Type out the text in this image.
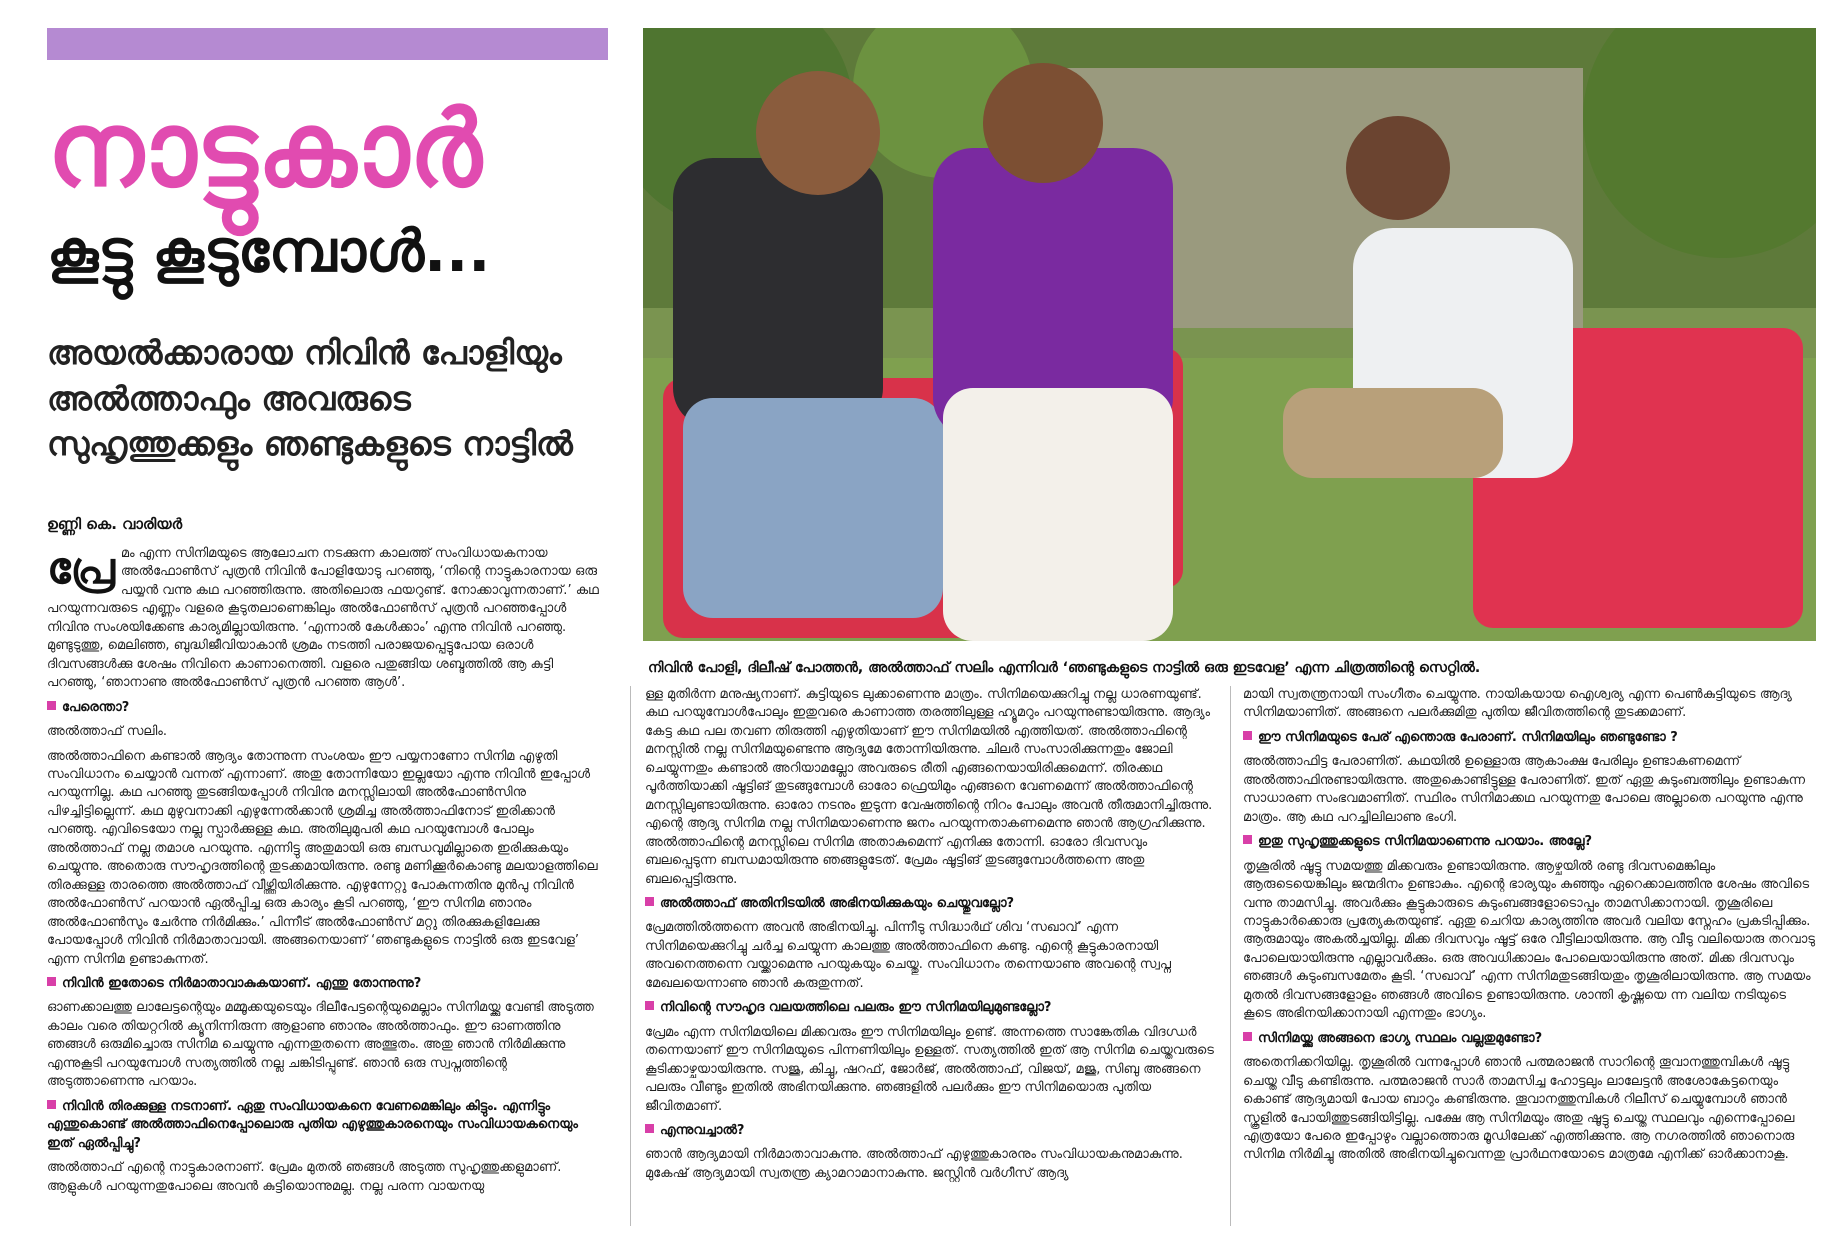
നാട്ടുകാർ
കൂട്ടു കൂടുമ്പോൾ...

അയൽക്കാരായ നിവിൻ പോളിയും അൽത്താഫും അവരുടെ സുഹൃത്തുക്കളും ഞണ്ടുകളുടെ നാട്ടിൽ

ഉണ്ണി കെ. വാരിയർ

നിവിൻ പോളി, ദിലീഷ് പോത്തൻ, അൽത്താഫ് സലിം എന്നിവർ ‘ഞണ്ടുകളുടെ നാട്ടിൽ ഒരു ഇടവേള’ എന്ന ചിത്രത്തിന്റെ സെറ്റിൽ.

പ്രേ മം എന്ന സിനിമയുടെ ആലോചന നടക്കുന്ന കാലത്ത് സംവിധായകനായ അൽഫോൺസ് പുത്രൻ നിവിൻ പോളിയോടു പറഞ്ഞു, ‘നിന്റെ നാട്ടുകാരനായ ഒരു പയ്യൻ വന്നു കഥ പറഞ്ഞിരുന്നു. അതിലൊരു ഫയറുണ്ട്. നോക്കാവുന്നതാണ്.’ കഥ പറയുന്നവരുടെ എണ്ണം വളരെ കൂടുതലാണെങ്കിലും അൽഫോൺസ് പുത്രൻ പറഞ്ഞപ്പോൾ നിവിനു സംശയിക്കേണ്ട കാര്യമില്ലായിരുന്നു. ‘എന്നാൽ കേൾക്കാം’ എന്നു നിവിൻ പറഞ്ഞു. മുണ്ടുടുത്തു, മെലിഞ്ഞ, ബുദ്ധിജീവിയാകാൻ ശ്രമം നടത്തി പരാജയപ്പെട്ടുപോയ ഒരാൾ ദിവസങ്ങൾക്കു ശേഷം നിവിനെ കാണാനെത്തി. വളരെ പതുങ്ങിയ ശബ്ദത്തിൽ ആ കുട്ടി പറഞ്ഞു, ‘ഞാനാണു അൽഫോൺസ് പുത്രൻ പറഞ്ഞ ആൾ’.

പേരെന്താ?

അൽത്താഫ് സലിം.

അൽത്താഫിനെ കണ്ടാൽ ആദ്യം തോന്നുന്ന സംശയം ഈ പയ്യനാണോ സിനിമ എഴുതി സംവിധാനം ചെയ്യാൻ വന്നത് എന്നാണ്. അതു തോന്നിയോ ഇല്ലയോ എന്നു നിവിൻ ഇപ്പോൾ പറയുന്നില്ല. കഥ പറഞ്ഞു തുടങ്ങിയപ്പോൾ നിവിനു മനസ്സിലായി അൽഫോൺസിനു പിഴച്ചിട്ടില്ലെന്ന്. കഥ മുഴുവനാക്കി എഴുന്നേൽക്കാൻ ശ്രമിച്ച അൽത്താഫിനോട് ഇരിക്കാൻ പറഞ്ഞു. എവിടെയോ നല്ല സ്പാർക്കുള്ള കഥ. അതിലുമുപരി കഥ പറയുമ്പോൾ പോലും അൽത്താഫ് നല്ല തമാശ പറയുന്നു. എന്നിട്ടു അതുമായി ഒരു ബന്ധവുമില്ലാതെ ഇരിക്കുകയും ചെയ്യുന്നു. അതൊരു സൗഹൃദത്തിന്റെ തുടക്കമായിരുന്നു. രണ്ടു മണിക്കൂർകൊണ്ടു മലയാളത്തിലെ തിരക്കുള്ള താരത്തെ അൽത്താഫ് വീഴ്ത്തിയിരിക്കുന്നു. എഴുന്നേറ്റു പോകുന്നതിനു മുൻപു നിവിൻ അൽഫോൺസ് പറയാൻ ഏൽപ്പിച്ച ഒരു കാര്യം കൂടി പറഞ്ഞു, ‘ഈ സിനിമ ഞാനും അൽഫോൺസും ചേർന്നു നിർമിക്കും.’ പിന്നീട് അൽഫോൺസ് മറ്റു തിരക്കുകളിലേക്കു പോയപ്പോൾ നിവിൻ നിർമാതാവായി. അങ്ങനെയാണ് ‘ഞണ്ടുകളുടെ നാട്ടിൽ ഒരു ഇടവേള’ എന്ന സിനിമ ഉണ്ടാകുന്നത്.

നിവിൻ ഇതോടെ നിർമാതാവാകുകയാണ്. എന്തു തോന്നുന്നു?

ഓണക്കാലത്തു ലാലേട്ടന്റെയും മമ്മൂക്കയുടെയും ദിലീപേട്ടന്റെയുമെല്ലാം സിനിമയ്ക്കു വേണ്ടി അടുത്ത കാലം വരെ തിയറ്ററിൽ ക്യൂനിന്നിരുന്ന ആളാണു ഞാനും അൽത്താഫും. ഈ ഓണത്തിനു ഞങ്ങൾ ഒരുമിച്ചൊരു സിനിമ ചെയ്യുന്നു എന്നതുതന്നെ അത്ഭുതം. അതു ഞാൻ നിർമിക്കുന്നു എന്നുകൂടി പറയുമ്പോൾ സത്യത്തിൽ നല്ല ചങ്കിടിപ്പുണ്ട്. ഞാൻ ഒരു സ്വപ്നത്തിന്റെ അടുത്താണെന്നു പറയാം.

നിവിൻ തിരക്കുള്ള നടനാണ്. ഏതു സംവിധായകനെ വേണമെങ്കിലും കിട്ടും. എന്നിട്ടും എന്തുകൊണ്ട് അൽത്താഫിനെപ്പോലൊരു പുതിയ എഴുത്തുകാരനെയും സംവിധായകനെയും ഇത് ഏൽപ്പിച്ചു?

അൽത്താഫ് എന്റെ നാട്ടുകാരനാണ്. പ്രേമം മുതൽ ഞങ്ങൾ അടുത്ത സുഹൃത്തുക്കളുമാണ്. ആളുകൾ പറയുന്നതുപോലെ അവൻ കുട്ടിയൊന്നുമല്ല. നല്ല പരന്ന വായനയു

ള്ള മുതിർന്ന മനുഷ്യനാണ്. കുട്ടിയുടെ ലുക്കാണെന്നു മാത്രം. സിനിമയെക്കുറിച്ചു നല്ല ധാരണയുണ്ട്. കഥ പറയുമ്പോൾപോലും ഇതുവരെ കാണാത്ത തരത്തിലുള്ള ഹ്യൂമറും പറയുന്നുണ്ടായിരുന്നു. ആദ്യം കേട്ട കഥ പല തവണ തിരുത്തി എഴുതിയാണ് ഈ സിനിമയിൽ എത്തിയത്. അൽത്താഫിന്റെ മനസ്സിൽ നല്ല സിനിമയുണ്ടെന്നു ആദ്യമേ തോന്നിയിരുന്നു. ചിലർ സംസാരിക്കുന്നതും ജോലി ചെയ്യുന്നതും കണ്ടാൽ അറിയാമല്ലോ അവരുടെ രീതി എങ്ങനെയായിരിക്കുമെന്ന്. തിരക്കഥ പൂർത്തിയാക്കി ഷൂട്ടിങ് തുടങ്ങുമ്പോൾ ഓരോ ഫ്രെയിമും എങ്ങനെ വേണമെന്ന് അൽത്താഫിന്റെ മനസ്സിലുണ്ടായിരുന്നു. ഓരോ നടനും ഇടുന്ന വേഷത്തിന്റെ നിറം പോലും അവൻ തീരുമാനിച്ചിരുന്നു. എന്റെ ആദ്യ സിനിമ നല്ല സിനിമയാണെന്നു ജനം പറയുന്നതാകണമെന്നു ഞാൻ ആഗ്രഹിക്കുന്നു. അൽത്താഫിന്റെ മനസ്സിലെ സിനിമ അതാകുമെന്ന് എനിക്കു തോന്നി. ഓരോ ദിവസവും ബലപ്പെടുന്ന ബന്ധമായിരുന്നു ഞങ്ങളുടേത്. പ്രേമം ഷൂട്ടിങ് തുടങ്ങുമ്പോൾത്തന്നെ അതു ബലപ്പെട്ടിരുന്നു.

അൽത്താഫ് അതിനിടയിൽ അഭിനയിക്കുകയും ചെയ്തുവല്ലോ?

പ്രേമത്തിൽത്തന്നെ അവൻ അഭിനയിച്ചു. പിന്നീടു സിദ്ധാർഥ് ശിവ ‘സഖാവ്’ എന്ന സിനിമയെക്കുറിച്ചു ചർച്ച ചെയ്യുന്ന കാലത്തു അൽത്താഫിനെ കണ്ടു. എന്റെ കൂട്ടുകാരനായി അവനെത്തന്നെ വയ്ക്കാമെന്നു പറയുകയും ചെയ്തു. സംവിധാനം തന്നെയാണു അവന്റെ സ്വപ്ന മേഖലയെന്നാണു ഞാൻ കരുതുന്നത്.

നിവിന്റെ സൗഹൃദ വലയത്തിലെ പലരും ഈ സിനിമയിലുമുണ്ടല്ലോ?

പ്രേമം എന്ന സിനിമയിലെ മിക്കവരും ഈ സിനിമയിലും ഉണ്ട്. അന്നത്തെ സാങ്കേതിക വിദഗ്ധർ തന്നെയാണ് ഈ സിനിമയുടെ പിന്നണിയിലും ഉള്ളത്. സത്യത്തിൽ ഇത് ആ സിനിമ ചെയ്തവരുടെ കൂടിക്കാഴ്ചയായിരുന്നു. സജു, കിച്ചു, ഷറഫ്, ജോർജ്, അൽത്താഫ്, വിജയ്, മജു, സിബു അങ്ങനെ പലരും വീണ്ടും ഇതിൽ അഭിനയിക്കുന്നു. ഞങ്ങളിൽ പലർക്കും ഈ സിനിമയൊരു പുതിയ ജീവിതമാണ്.

എന്നുവച്ചാൽ?

ഞാൻ ആദ്യമായി നിർമാതാവാകുന്നു. അൽത്താഫ് എഴുത്തുകാരനും സംവിധായകനുമാകുന്നു. മുകേഷ് ആദ്യമായി സ്വതന്ത്ര ക്യാമറാമാനാകുന്നു. ജസ്റ്റിൻ വർഗീസ് ആദ്യ

മായി സ്വതന്ത്രനായി സംഗീതം ചെയ്യുന്നു. നായികയായ ഐശ്വര്യ എന്ന പെൺകുട്ടിയുടെ ആദ്യ സിനിമയാണിത്. അങ്ങനെ പലർക്കുമിതു പുതിയ ജീവിതത്തിന്റെ തുടക്കമാണ്.

ഈ സിനിമയുടെ പേര് എന്തൊരു പേരാണ്. സിനിമയിലും ഞണ്ടുണ്ടോ ?

അൽത്താഫിട്ട പേരാണിത്. കഥയിൽ ഉള്ളൊരു ആകാംക്ഷ പേരിലും ഉണ്ടാകണമെന്ന് അൽത്താഫിനുണ്ടായിരുന്നു. അതുകൊണ്ടിട്ടുള്ള പേരാണിത്. ഇത് ഏതു കുടുംബത്തിലും ഉണ്ടാകുന്ന സാധാരണ സംഭവമാണിത്. സ്ഥിരം സിനിമാക്കഥ പറയുന്നതു പോലെ അല്ലാതെ പറയുന്നു എന്നു മാത്രം. ആ കഥ പറച്ചിലിലാണു ഭംഗി.

ഇതു സുഹൃത്തുക്കളുടെ സിനിമയാണെന്നു പറയാം. അല്ലേ?

തൃശൂരിൽ ഷൂട്ടു സമയത്തു മിക്കവരും ഉണ്ടായിരുന്നു. ആഴ്ചയിൽ രണ്ടു ദിവസമെങ്കിലും ആരുടെയെങ്കിലും ജന്മദിനം ഉണ്ടാകും. എന്റെ ഭാര്യയും കുഞ്ഞും ഏറെക്കാലത്തിനു ശേഷം അവിടെ വന്നു താമസിച്ചു. അവർക്കും കൂട്ടുകാരുടെ കുടുംബങ്ങളോടൊപ്പം താമസിക്കാനായി. തൃശൂരിലെ നാട്ടുകാർക്കൊരു പ്രത്യേകതയുണ്ട്. ഏതു ചെറിയ കാര്യത്തിനു അവർ വലിയ സ്നേഹം പ്രകടിപ്പിക്കും. ആരുമായും അകൽച്ചയില്ല. മിക്ക ദിവസവും ഷൂട്ട് ഒരേ വീട്ടിലായിരുന്നു. ആ വീടു വലിയൊരു തറവാടു പോലെയായിരുന്നു എല്ലാവർക്കും. ഒരു അവധിക്കാലം പോലെയായിരുന്നു അത്. മിക്ക ദിവസവും ഞങ്ങൾ കുടുംബസമേതം കൂടി. ‘സഖാവ്’ എന്ന സിനിമതുടങ്ങിയതും തൃശൂരിലായിരുന്നു. ആ സമയം മുതൽ ദിവസങ്ങളോളം ഞങ്ങൾ അവിടെ ഉണ്ടായിരുന്നു. ശാന്തി കൃഷ്ണയെ ന്ന വലിയ നടിയുടെ കൂടെ അഭിനയിക്കാനായി എന്നതും ഭാഗ്യം.

സിനിമയ്ക്കു അങ്ങനെ ഭാഗ്യ സ്ഥലം വല്ലതുമുണ്ടോ?

അതെനിക്കറിയില്ല. തൃശൂരിൽ വന്നപ്പോൾ ഞാൻ പത്മരാജൻ സാറിന്റെ തൂവാനത്തുമ്പികൾ ഷൂട്ടു ചെയ്ത വീടു കണ്ടിരുന്നു. പത്മരാജൻ സാർ താമസിച്ച ഹോട്ടലും ലാലേട്ടൻ അശോകേട്ടനെയും കൊണ്ട് ആദ്യമായി പോയ ബാറും കണ്ടിരുന്നു. തൂവാനത്തുമ്പികൾ റിലീസ് ചെയ്യുമ്പോൾ ഞാൻ സ്കൂളിൽ പോയിത്തുടങ്ങിയിട്ടില്ല. പക്ഷേ ആ സിനിമയും അതു ഷൂട്ടു ചെയ്ത സ്ഥലവും എന്നെപ്പോലെ എത്രയോ പേരെ ഇപ്പോഴും വല്ലാത്തൊരു മൂഡിലേക്ക് എത്തിക്കുന്നു. ആ നഗരത്തിൽ ഞാനൊരു സിനിമ നിർമിച്ചു അതിൽ അഭിനയിച്ചുവെന്നതു പ്രാർഥനയോടെ മാത്രമേ എനിക്ക് ഓർക്കാനാകൂ.
